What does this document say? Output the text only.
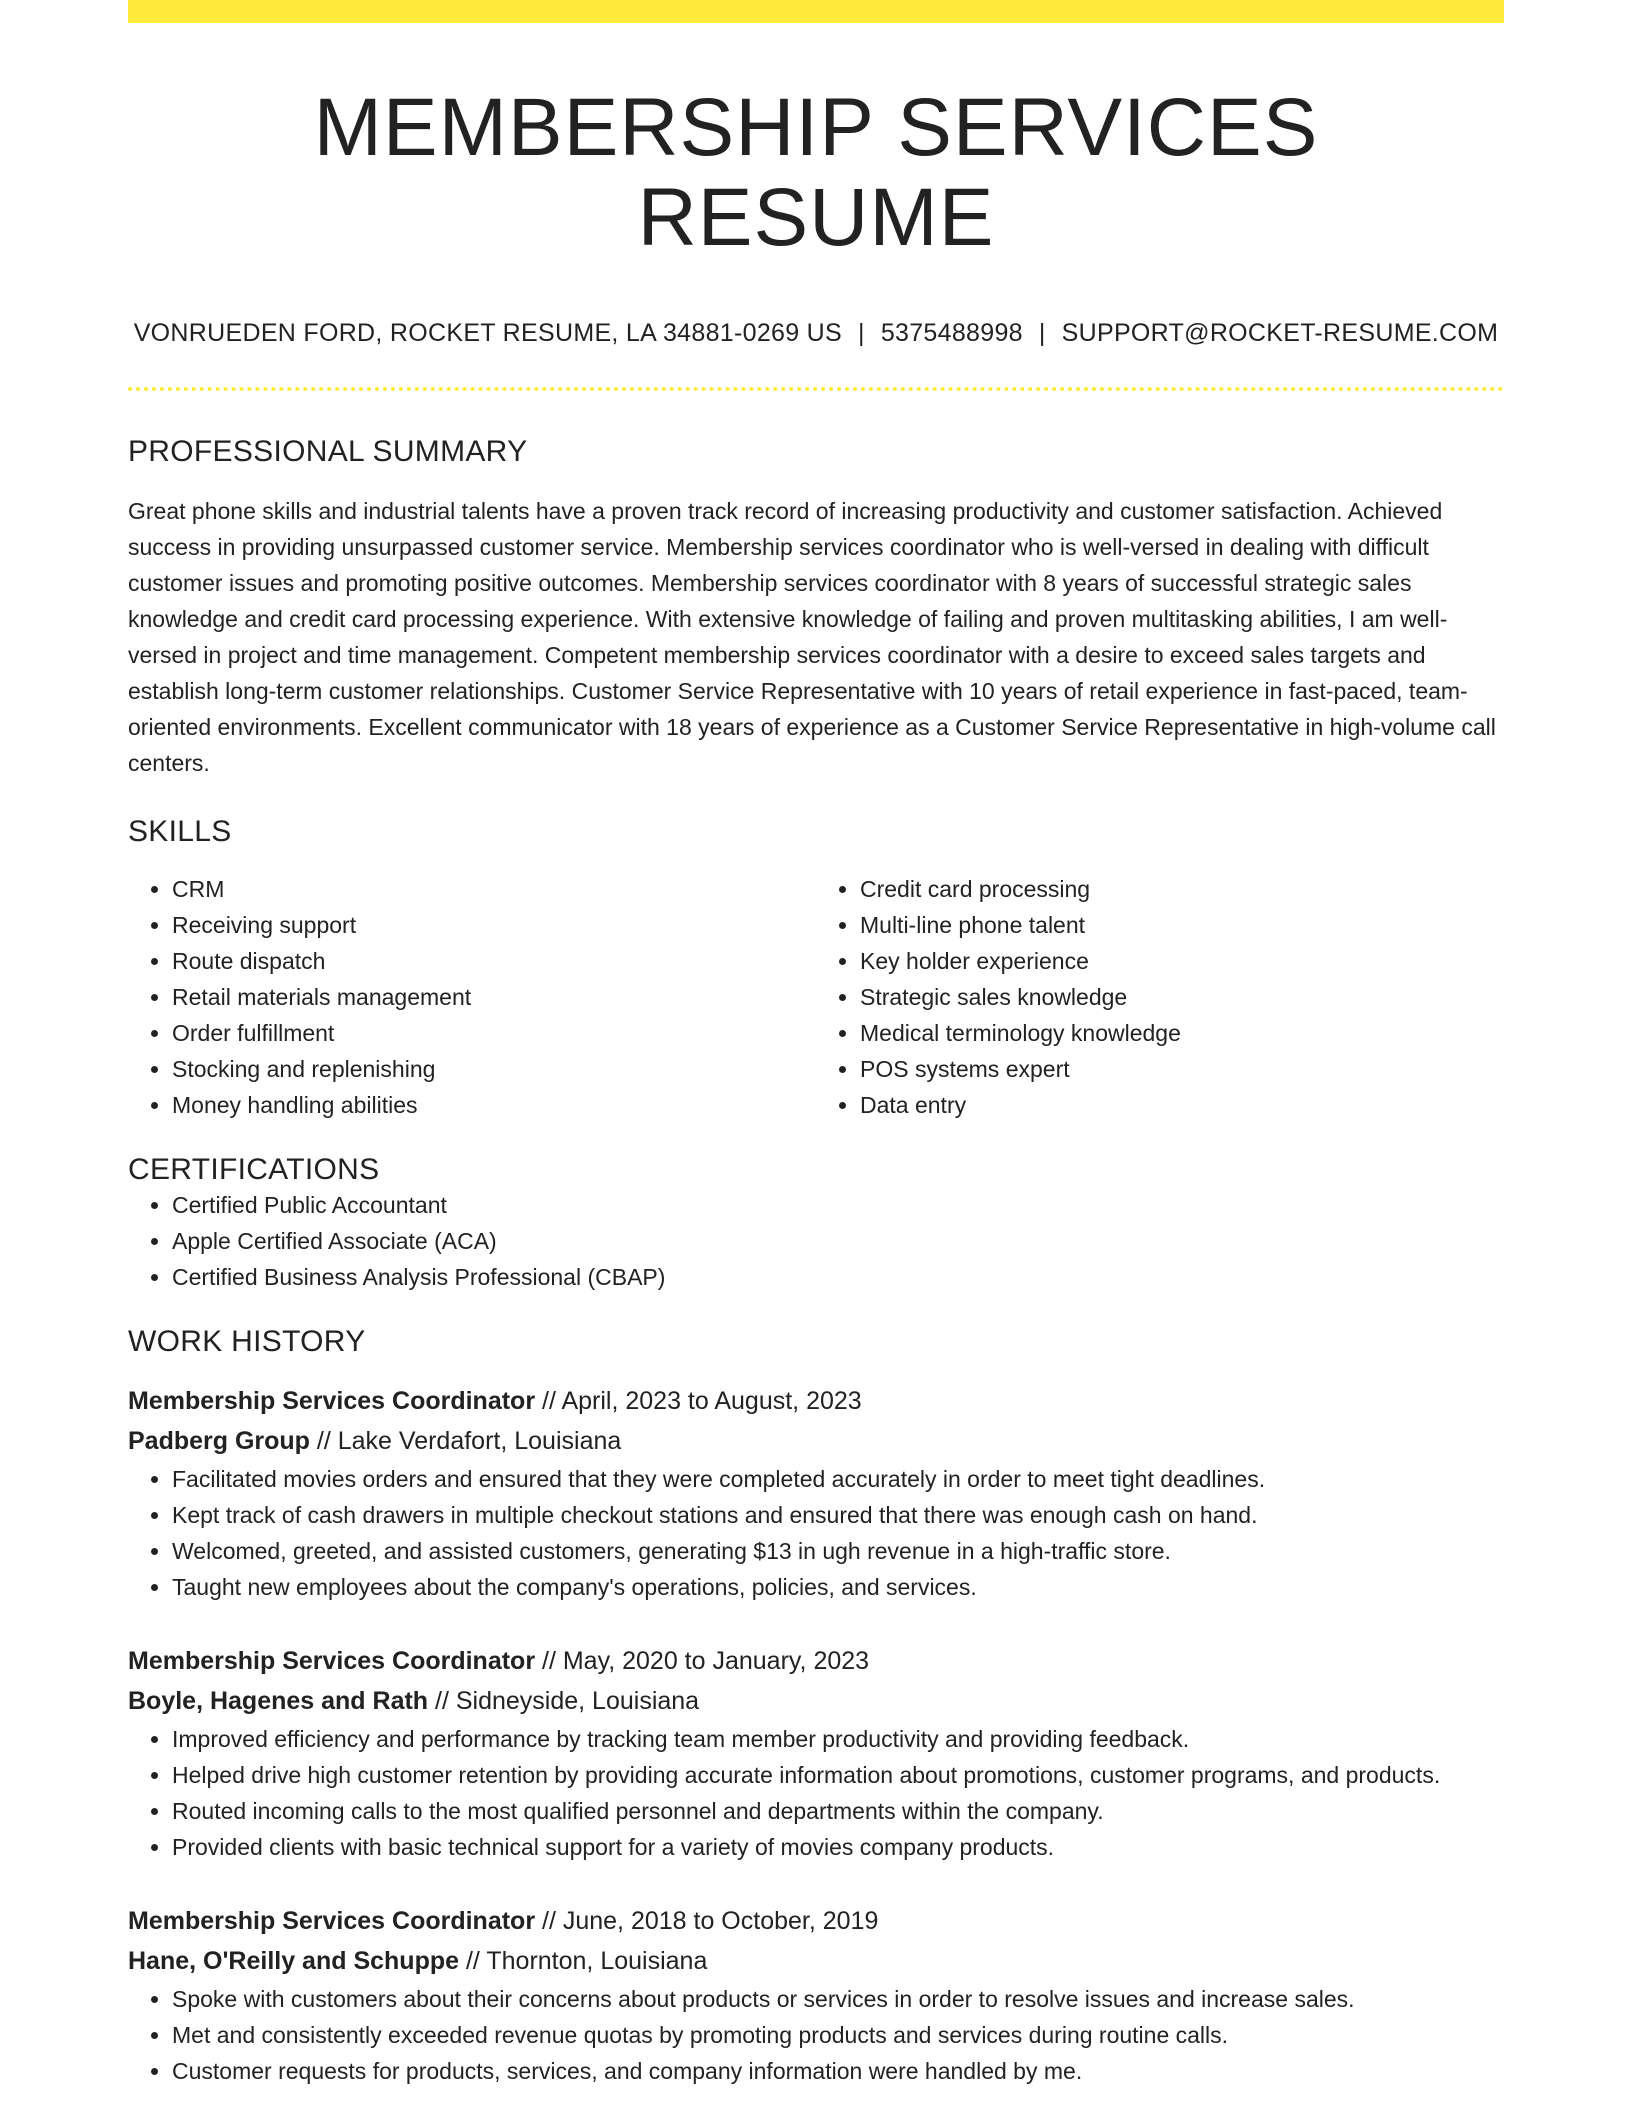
MEMBERSHIP SERVICES RESUME
VONRUEDEN FORD, ROCKET RESUME, LA 34881-0269 US | 5375488998 | SUPPORT@ROCKET-RESUME.COM
PROFESSIONAL SUMMARY

Great phone skills and industrial talents have a proven track record of increasing productivity and customer satisfaction. Achieved success in providing unsurpassed customer service. Membership services coordinator who is well-versed in dealing with difficult customer issues and promoting positive outcomes. Membership services coordinator with 8 years of successful strategic sales knowledge and credit card processing experience. With extensive knowledge of failing and proven multitasking abilities, I am well-versed in project and time management. Competent membership services coordinator with a desire to exceed sales targets and establish long-term customer relationships. Customer Service Representative with 10 years of retail experience in fast-paced, team-oriented environments. Excellent communicator with 18 years of experience as a Customer Service Representative in high-volume call centers.

SKILLS
• CRM
• Receiving support
• Route dispatch
• Retail materials management
• Order fulfillment
• Stocking and replenishing
• Money handling abilities
• Credit card processing
• Multi-line phone talent
• Key holder experience
• Strategic sales knowledge
• Medical terminology knowledge
• POS systems expert
• Data entry
CERTIFICATIONS
• Certified Public Accountant
• Apple Certified Associate (ACA)
• Certified Business Analysis Professional (CBAP)
WORK HISTORY
Membership Services Coordinator // April, 2023 to August, 2023
Padberg Group // Lake Verdafort, Louisiana
• Facilitated movies orders and ensured that they were completed accurately in order to meet tight deadlines.
• Kept track of cash drawers in multiple checkout stations and ensured that there was enough cash on hand.
• Welcomed, greeted, and assisted customers, generating $13 in ugh revenue in a high-traffic store.
• Taught new employees about the company's operations, policies, and services.
Membership Services Coordinator // May, 2020 to January, 2023
Boyle, Hagenes and Rath // Sidneyside, Louisiana
• Improved efficiency and performance by tracking team member productivity and providing feedback.
• Helped drive high customer retention by providing accurate information about promotions, customer programs, and products.
• Routed incoming calls to the most qualified personnel and departments within the company.
• Provided clients with basic technical support for a variety of movies company products.
Membership Services Coordinator // June, 2018 to October, 2019
Hane, O'Reilly and Schuppe // Thornton, Louisiana
• Spoke with customers about their concerns about products or services in order to resolve issues and increase sales.
• Met and consistently exceeded revenue quotas by promoting products and services during routine calls.
• Customer requests for products, services, and company information were handled by me.
